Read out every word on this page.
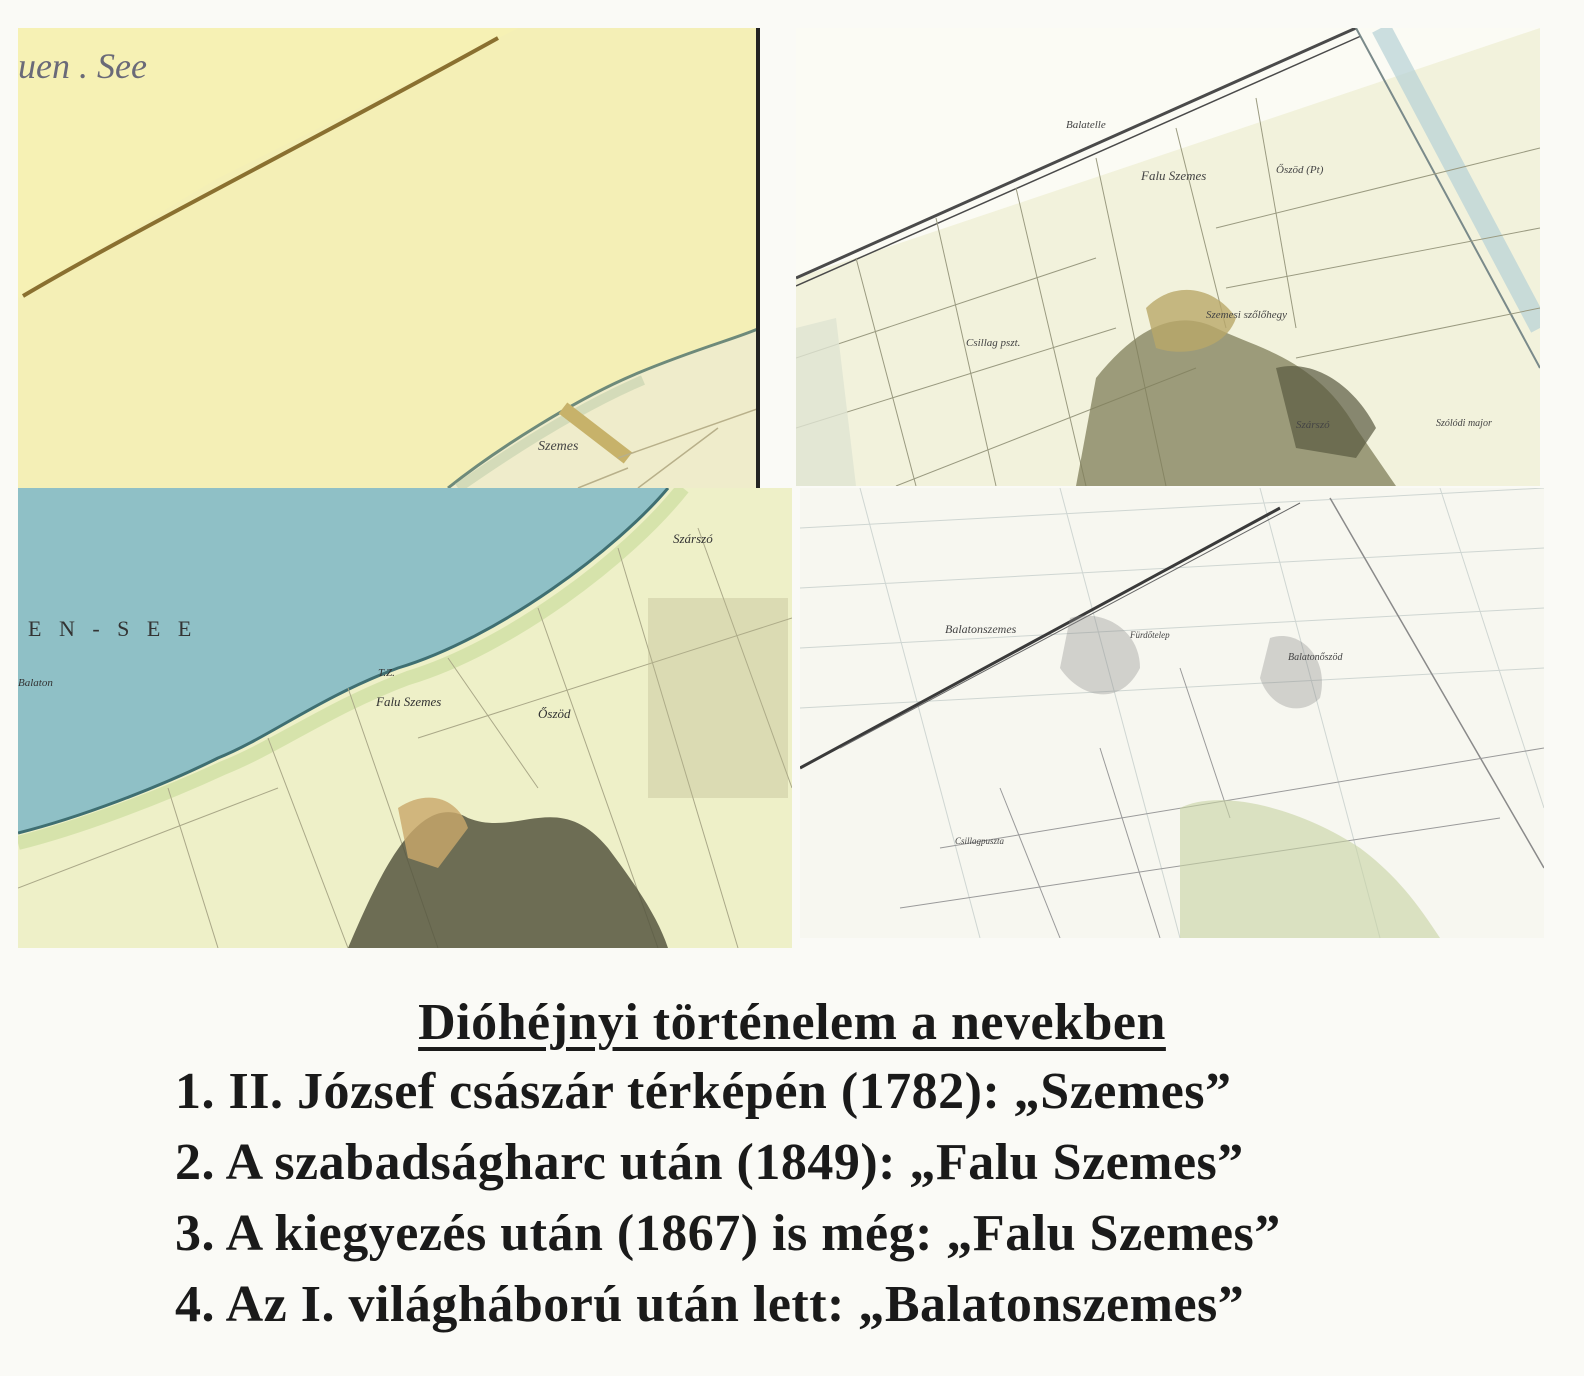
uen . See
Szemes
Balatelle
Falu Szemes	Őszöd (Pt)
Csillag pszt.
Szemesi szőlőhegy
Szárszó	Szólódi major
E N - S E E
Balaton
Szárszó
T.Z.
Falu Szemes
Őszöd
Balatonszemes	Fürdőtelep
Balatonőszöd
Csillagpuszta
Dióhéjnyi történelem a nevekben
1. II. József császár térképén (1782): „Szemes”
2. A szabadságharc után (1849): „Falu Szemes”
3. A kiegyezés után (1867) is még: „Falu Szemes”
4. Az I. világháború után lett: „Balatonszemes”
